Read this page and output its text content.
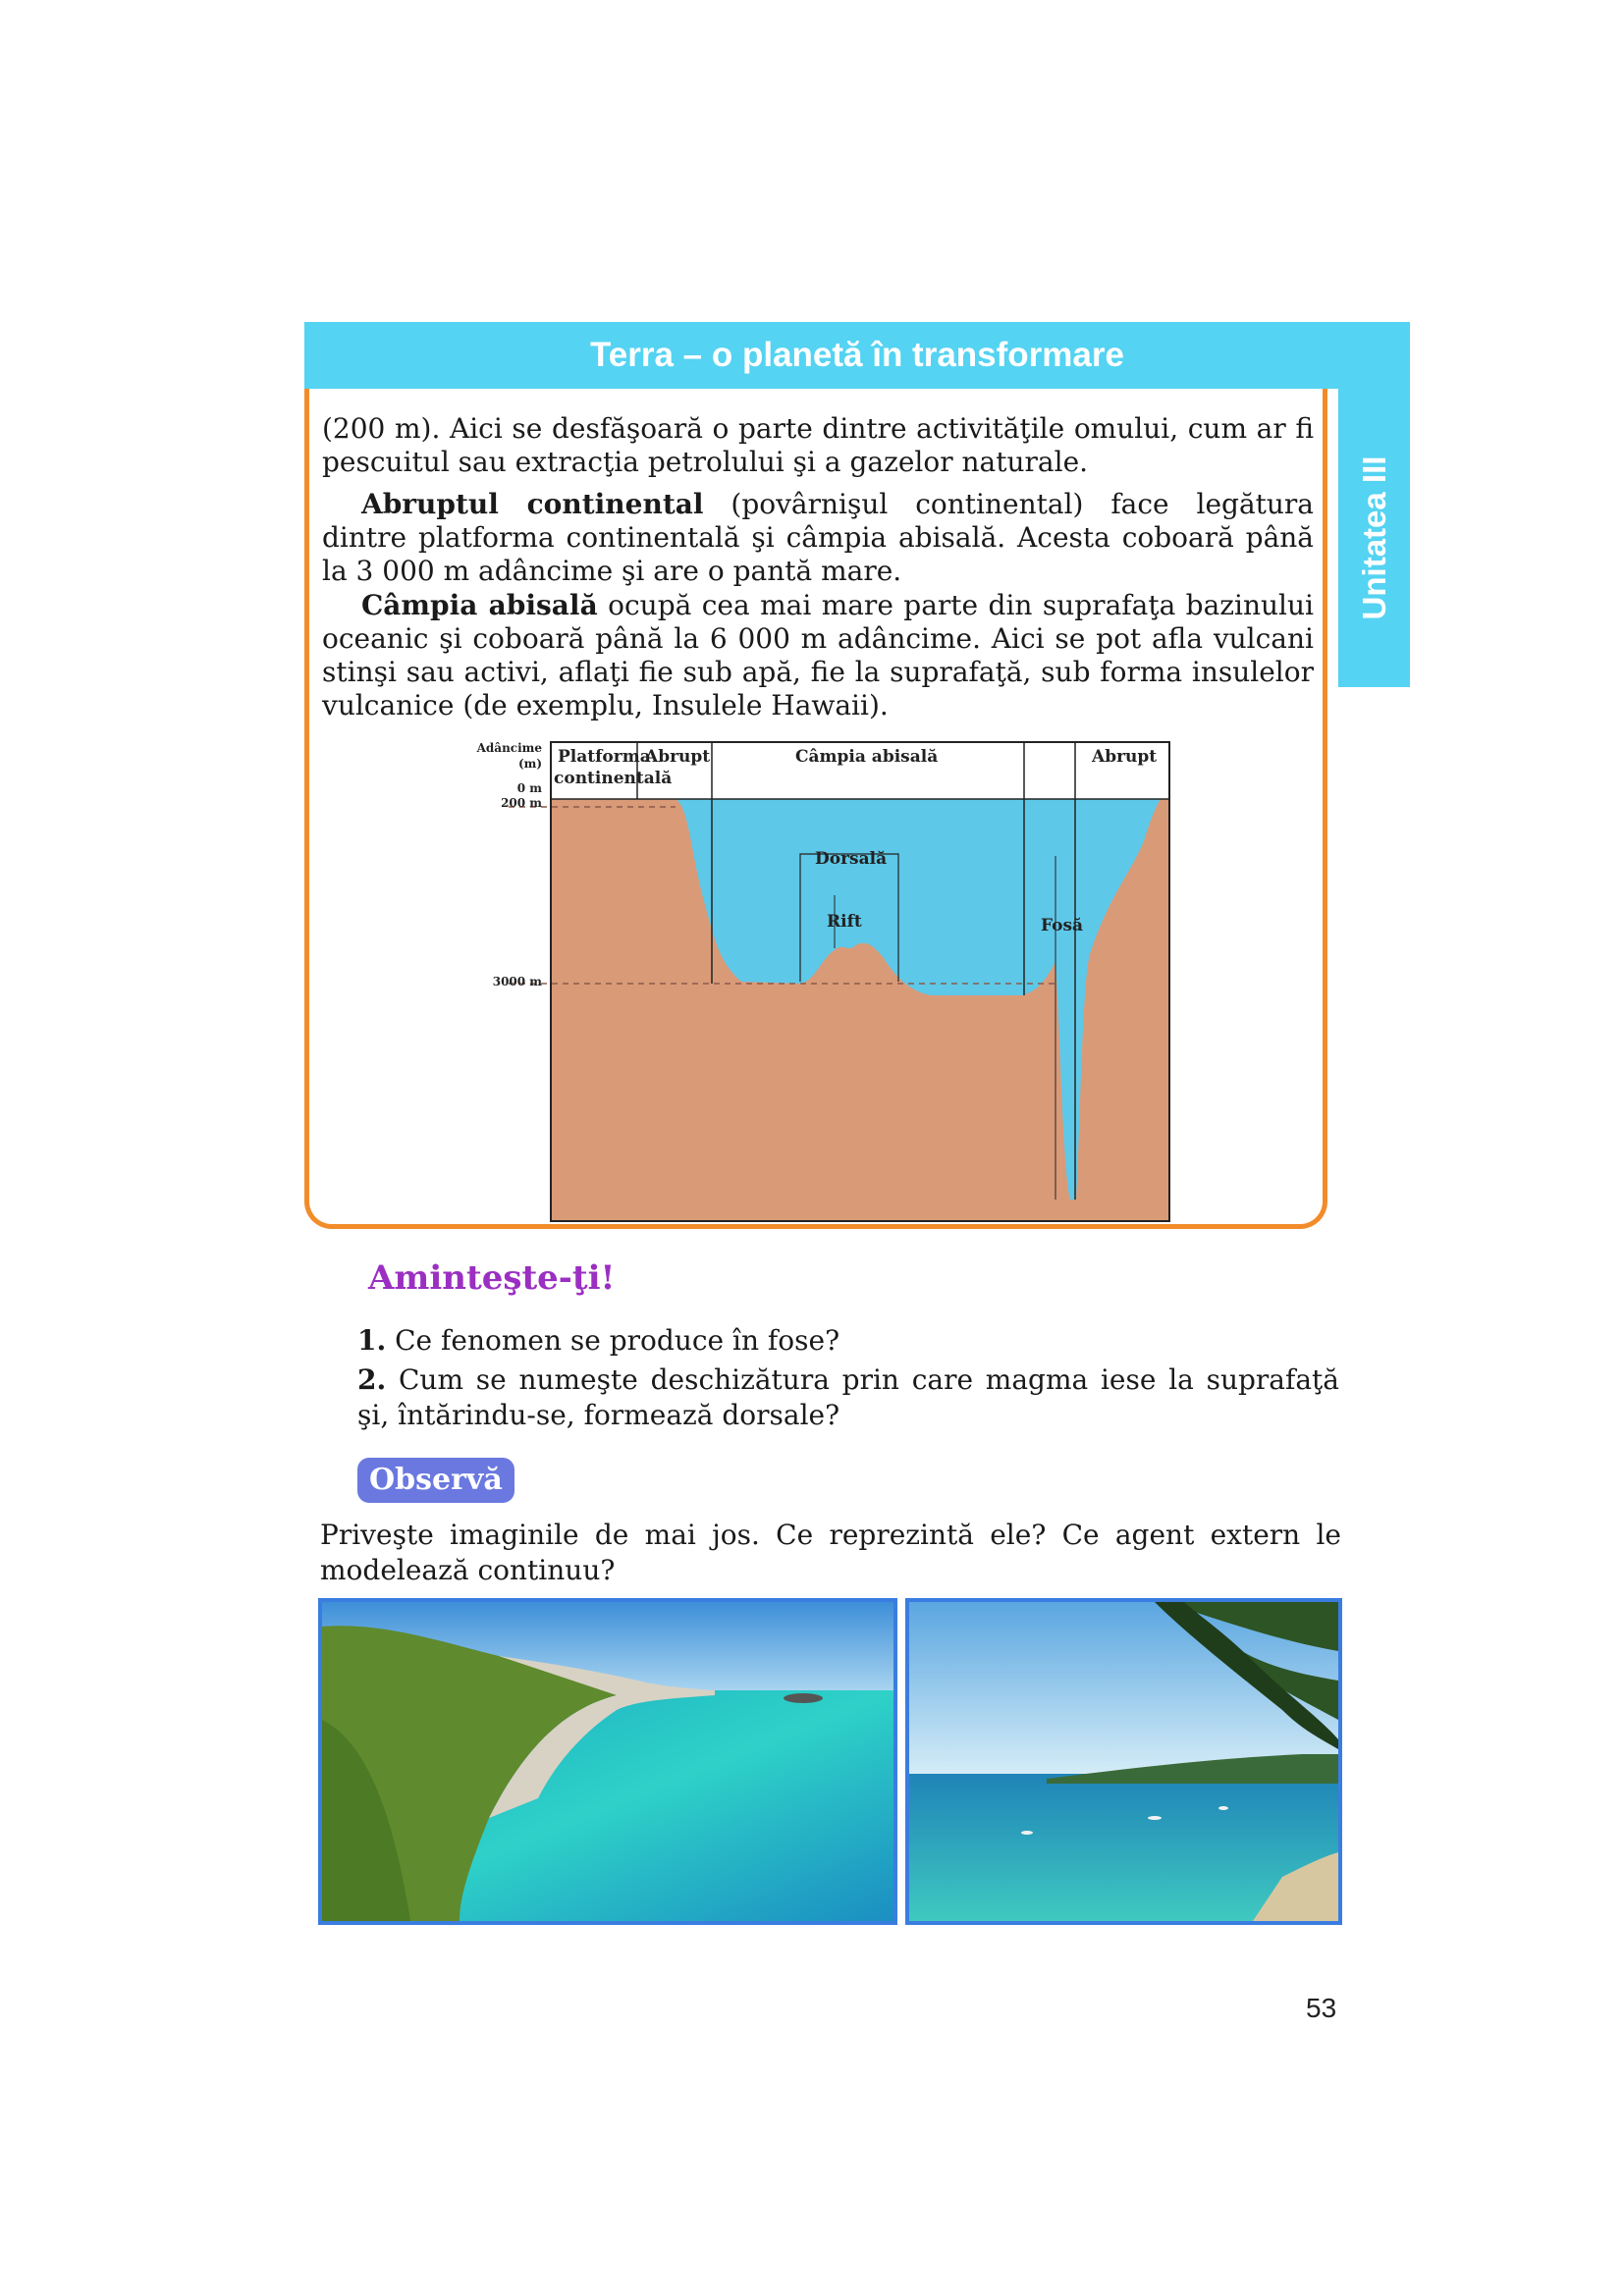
Terra – o planetă în transformare
Unitatea III

(200 m). Aici se desfăşoară o parte dintre activităţile omului, cum ar fi pescuitul sau extracţia petrolului şi a gazelor naturale.

Abruptul continental (povârnişul continental) face legătura dintre platforma continentală şi câmpia abisală. Acesta coboară până la 3 000 m adâncime şi are o pantă mare.

Câmpia abisală ocupă cea mai mare parte din suprafaţa bazinului oceanic şi coboară până la 6 000 m adâncime. Aici se pot afla vulcani stinşi sau activi, aflaţi fie sub apă, fie la suprafaţă, sub forma insulelor vulcanice (de exemplu, Insulele Hawaii).

Adâncime
(m)
0 m
200 m
3000 m
Platforma
continentală
Abrupt	Câmpia abisală	Abrupt
Dorsală
Rift	Fosă
Aminteşte-ţi!

1. Ce fenomen se produce în fose?

2. Cum se numeşte deschizătura prin care magma iese la suprafaţă şi, întărindu-se, formează dorsale?

Observă

Priveşte imaginile de mai jos. Ce reprezintă ele? Ce agent extern le modelează continuu?

53
